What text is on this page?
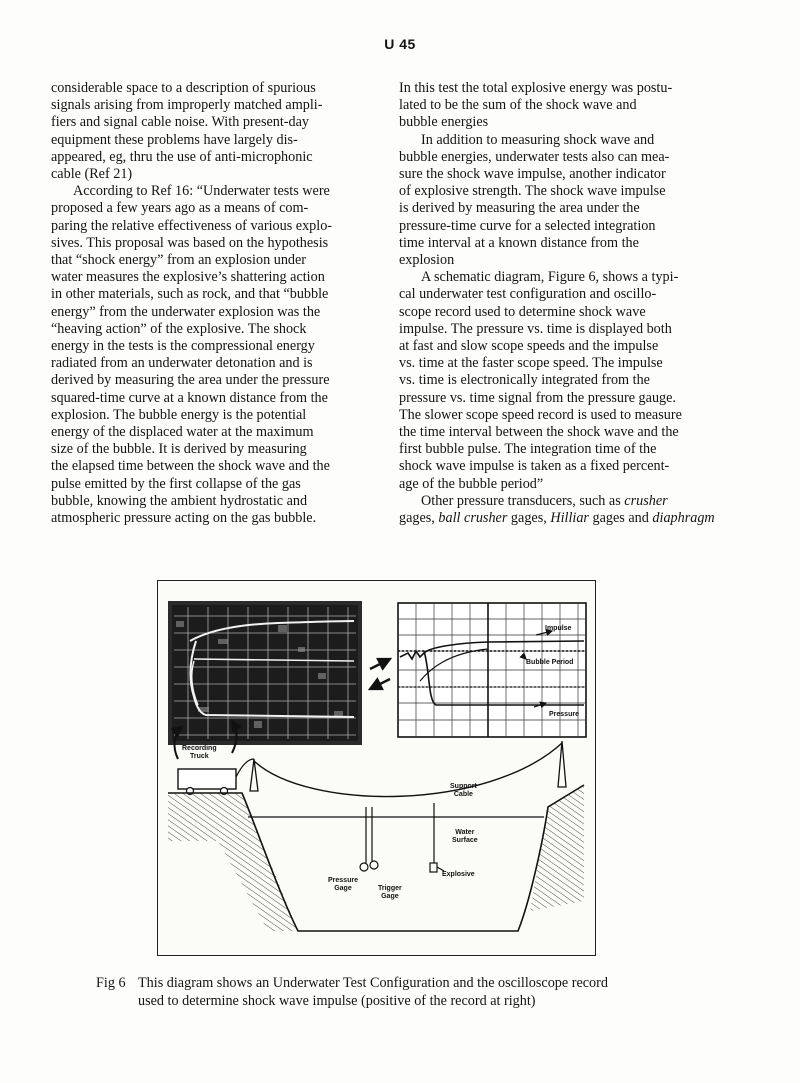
U 45

considerable space to a description of spurious
signals arising from improperly matched ampli-
fiers and signal cable noise. With present-day
equipment these problems have largely dis-
appeared, eg, thru the use of anti-microphonic
cable (Ref 21)

According to Ref 16: “Underwater tests were
proposed a few years ago as a means of com-
paring the relative effectiveness of various explo-
sives. This proposal was based on the hypothesis
that “shock energy” from an explosion under
water measures the explosive’s shattering action
in other materials, such as rock, and that “bubble
energy” from the underwater explosion was the
“heaving action” of the explosive. The shock
energy in the tests is the compressional energy
radiated from an underwater detonation and is
derived by measuring the area under the pressure
squared-time curve at a known distance from the
explosion. The bubble energy is the potential
energy of the displaced water at the maximum
size of the bubble. It is derived by measuring
the elapsed time between the shock wave and the
pulse emitted by the first collapse of the gas
bubble, knowing the ambient hydrostatic and
atmospheric pressure acting on the gas bubble.

In this test the total explosive energy was postu-
lated to be the sum of the shock wave and
bubble energies

In addition to measuring shock wave and
bubble energies, underwater tests also can mea-
sure the shock wave impulse, another indicator
of explosive strength. The shock wave impulse
is derived by measuring the area under the
pressure-time curve for a selected integration
time interval at a known distance from the
explosion

A schematic diagram, Figure 6, shows a typi-
cal underwater test configuration and oscillo-
scope record used to determine shock wave
impulse. The pressure vs. time is displayed both
at fast and slow scope speeds and the impulse
vs. time at the faster scope speed. The impulse
vs. time is electronically integrated from the
pressure vs. time signal from the pressure gauge.
The slower scope speed record is used to measure
the time interval between the shock wave and the
first bubble pulse. The integration time of the
shock wave impulse is taken as a fixed percent-
age of the bubble period”

Other pressure transducers, such as crusher
gages, ball crusher gages, Hilliar gages and diaphragm

Impulse
Bubble Period
Pressure
Recording
Truck
Support
Cable
Water
Surface
Explosive
Pressure
Gage	Trigger
Gage
Fig 6 This diagram shows an Underwater Test Configuration and the oscilloscope record
used to determine shock wave impulse (positive of the record at right)
